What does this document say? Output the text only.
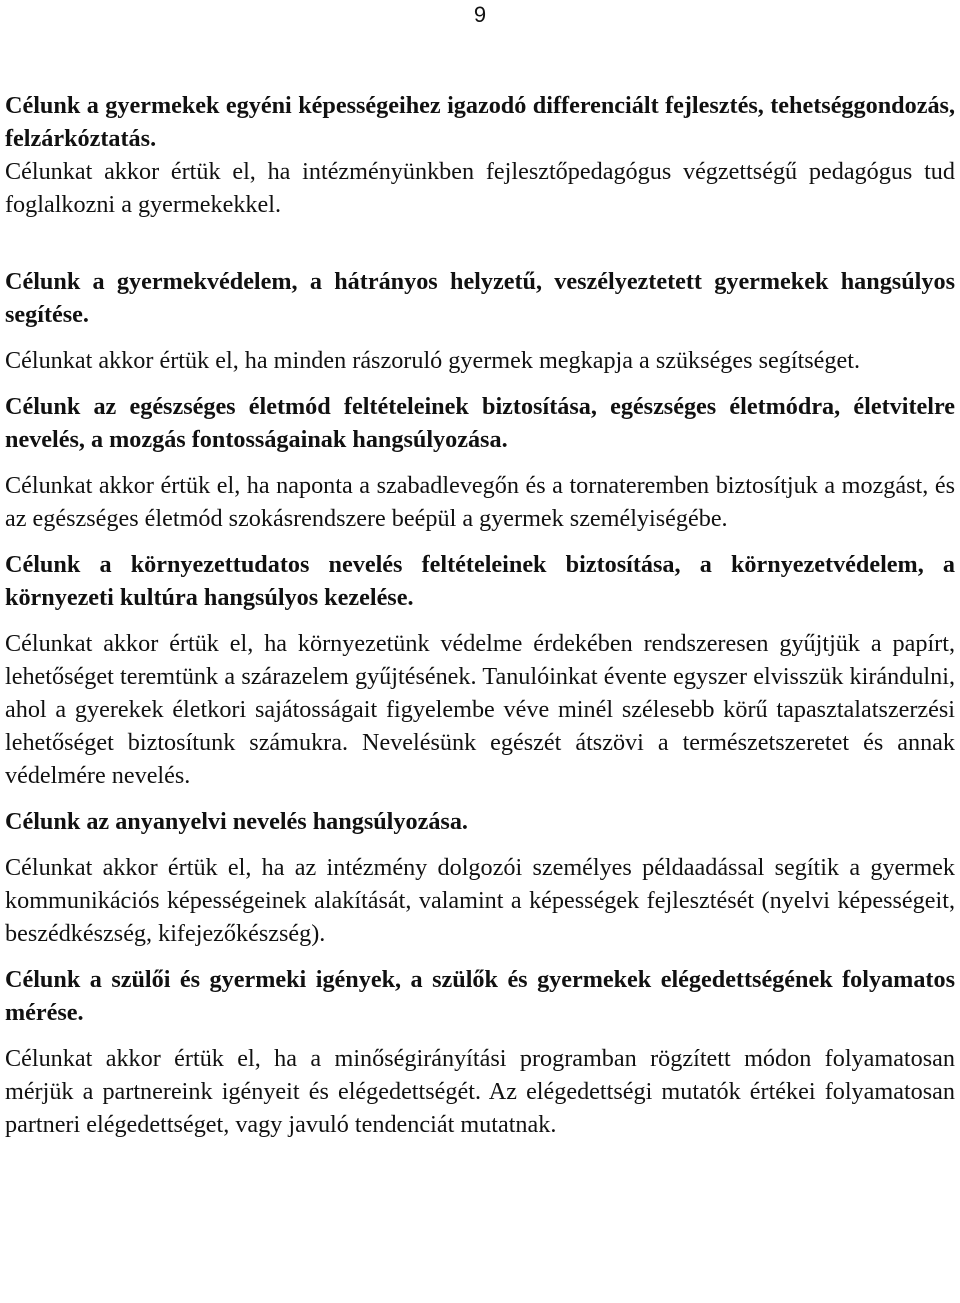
9

Célunk a gyermekek egyéni képességeihez igazodó differenciált fejlesztés, tehetséggondozás, felzárkóztatás.

Célunkat akkor értük el, ha intézményünkben fejlesztőpedagógus végzettségű pedagógus tud foglalkozni a gyermekekkel.

Célunk a gyermekvédelem, a hátrányos helyzetű, veszélyeztetett gyermekek hangsúlyos segítése.

Célunkat akkor értük el, ha minden rászoruló gyermek megkapja a szükséges segítséget.

Célunk az egészséges életmód feltételeinek biztosítása, egészséges életmódra, életvitelre nevelés, a mozgás fontosságainak hangsúlyozása.

Célunkat akkor értük el, ha naponta a szabadlevegőn és a tornateremben biztosítjuk a mozgást, és az egészséges életmód szokásrendszere beépül a gyermek személyiségébe.

Célunk a környezettudatos nevelés feltételeinek biztosítása, a környezetvédelem, a környezeti kultúra hangsúlyos kezelése.

Célunkat akkor értük el, ha környezetünk védelme érdekében rendszeresen gyűjtjük a papírt, lehetőséget teremtünk a szárazelem gyűjtésének. Tanulóinkat évente egyszer elvisszük kirándulni, ahol a gyerekek életkori sajátosságait figyelembe véve minél szélesebb körű tapasztalatszerzési lehetőséget biztosítunk számukra. Nevelésünk egészét átszövi a természetszeretet és annak védelmére nevelés.

Célunk az anyanyelvi nevelés hangsúlyozása.

Célunkat akkor értük el, ha az intézmény dolgozói személyes példaadással segítik a gyermek kommunikációs képességeinek alakítását, valamint a képességek fejlesztését (nyelvi képességeit, beszédkészség, kifejezőkészség).

Célunk a szülői és gyermeki igények, a szülők és gyermekek elégedettségének folyamatos mérése.

Célunkat akkor értük el, ha a minőségirányítási programban rögzített módon folyamatosan mérjük a partnereink igényeit és elégedettségét. Az elégedettségi mutatók értékei folyamatosan partneri elégedettséget, vagy javuló tendenciát mutatnak.
